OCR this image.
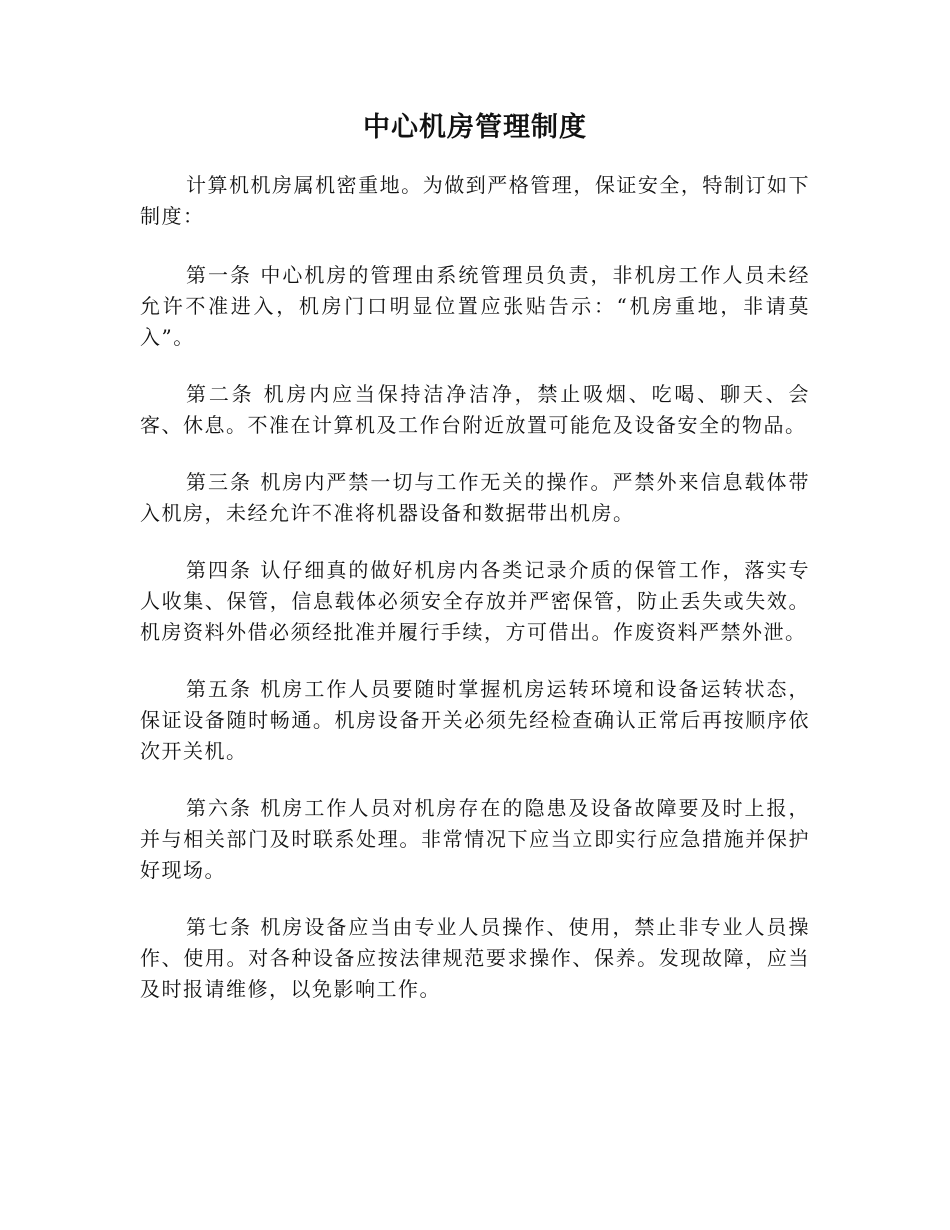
中心机房管理制度

计算机机房属机密重地。为做到严格管理，保证安全，特制订如下制度：

第一条 中心机房的管理由系统管理员负责，非机房工作人员未经允许不准进入，机房门口明显位置应张贴告示：“机房重地，非请莫入”。

第二条 机房内应当保持洁净洁净，禁止吸烟、吃喝、聊天、会客、休息。不准在计算机及工作台附近放置可能危及设备安全的物品。

第三条 机房内严禁一切与工作无关的操作。严禁外来信息载体带入机房，未经允许不准将机器设备和数据带出机房。

第四条 认仔细真的做好机房内各类记录介质的保管工作，落实专人收集、保管，信息载体必须安全存放并严密保管，防止丢失或失效。机房资料外借必须经批准并履行手续，方可借出。作废资料严禁外泄。

第五条 机房工作人员要随时掌握机房运转环境和设备运转状态，保证设备随时畅通。机房设备开关必须先经检查确认正常后再按顺序依次开关机。

第六条 机房工作人员对机房存在的隐患及设备故障要及时上报，并与相关部门及时联系处理。非常情况下应当立即实行应急措施并保护好现场。

第七条 机房设备应当由专业人员操作、使用，禁止非专业人员操作、使用。对各种设备应按法律规范要求操作、保养。发现故障，应当及时报请维修，以免影响工作。
